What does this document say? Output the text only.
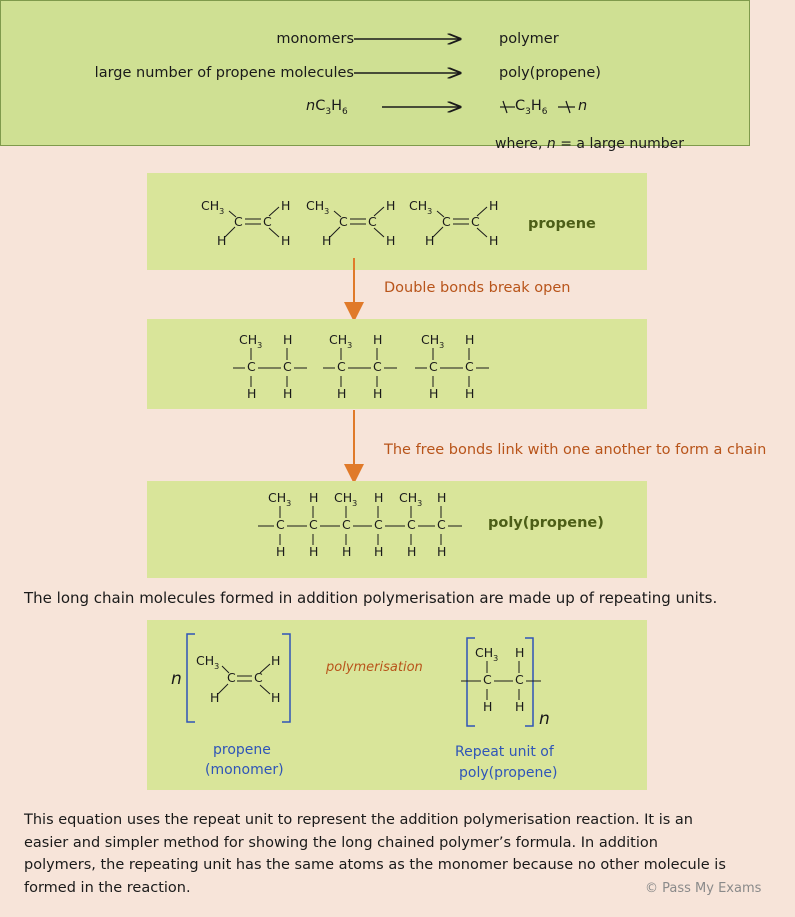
monomers	polymer
large number of propene molecules	poly(propene)
$nC_3H_6$	$C_3H_6$ n
where, n = a large number
propene
Double bonds break open
The free bonds link with one another to form a chain
poly(propene)
The long chain molecules formed in addition polymerisation are made up of repeating units.
n
polymerisation
n
propene
(monomer)
Repeat unit of
poly(propene)
This equation uses the repeat unit to represent the addition polymerisation reaction. It is an
easier and simpler method for showing the long chained polymer’s formula. In addition
polymers, the repeating unit has the same atoms as the monomer because no other molecule is
formed in the reaction.	© Pass My Exams
$CH_3$	H
C C
H	H
$CH_3$	H
C C
H	H
$CH_3$	H
C C
H	H
$CH_3$	H
C C
H	H
$CH_3$
C
H
H
C
H
$CH_3$
C
H
H
C
H
$CH_3$
C
H
H
C
H
$CH_3$
C
H
H
C
H
$CH_3$
C
H
H
C
H
$CH_3$
C
H
H
C
H
$CH_3$
C
H
H
C
H
